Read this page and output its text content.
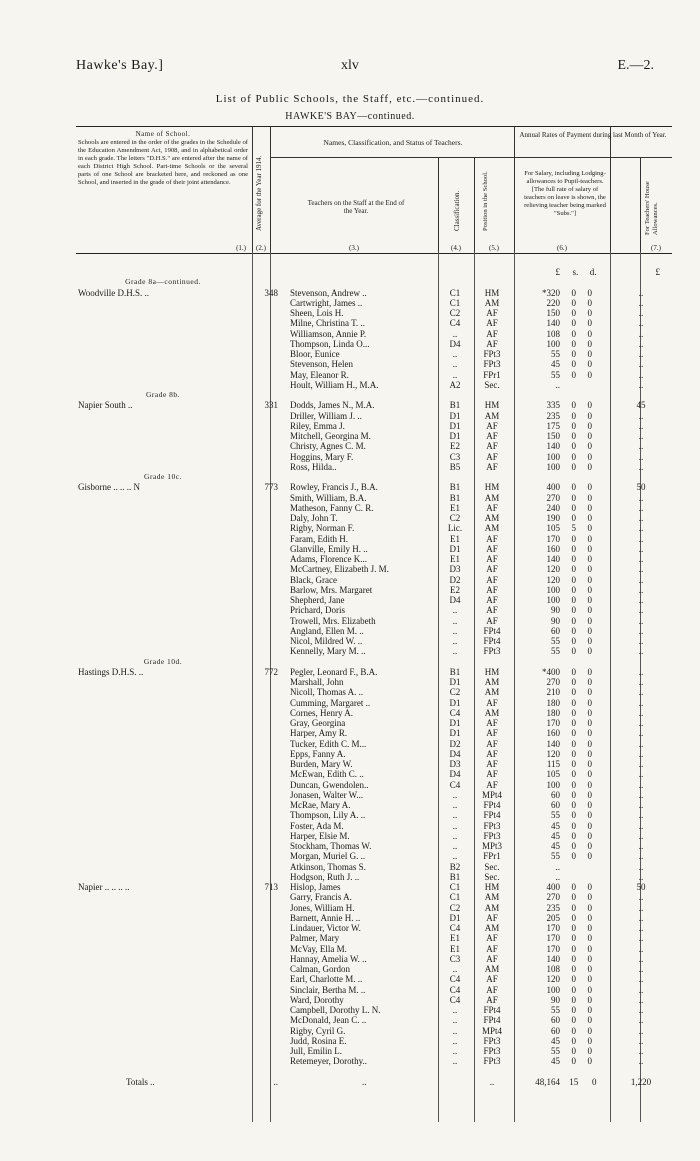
Hawke's Bay.]	xlv	E.—2.
List of Public Schools, the Staff, etc.—continued.
HAWKE'S BAY—continued.
Name of School.
Schools are entered in the order of the grades in the Schedule of the Education Amendment Act, 1908, and in alphabetical order in each grade. The letters "D.H.S." are entered after the name of each District High School. Part-time Schools or the several parts of one School are bracketed here, and reckoned as one School, and inserted in the grade of their joint attendance.	Average for the Year 1914.
Names, Classification, and Status of Teachers.
Teachers on the Staff at the End of the Year.	Classification.	Position in the School.
Annual Rates of Payment during last Month of Year.
For Salary, including Lodging-allowances to Pupil-teachers. [The full rate of salary of teachers on leave is shown, the relieving teacher being marked "Subs."]	For Teachers' House Allowances.
(1.)	(2.)	(3.)	(4.)	(5.)	(6.)	(7.)
£ s. d.	£
Grade 8a—continued.
Woodville D.H.S. ..	348 Stevenson, Andrew ..	C1	HM	*320 0 0	..
Cartwright, James ..	C1	AM	220 0 0	..
Sheen, Lois H.	C2	AF	150 0 0	..
Milne, Christina T. ..	C4	AF	140 0 0	..
Williamson, Annie P.	..	AF	108 0 0	..
Thompson, Linda O...	D4	AF	100 0 0	..
Bloor, Eunice	..	FPt3	55 0 0	..
Stevenson, Helen	..	FPt3	45 0 0	..
May, Eleanor R.	..	FPr1	55 0 0	..
Hoult, William H., M.A.	A2	Sec.	..	..
Grade 8b.
Napier South ..	331 Dodds, James N., M.A.	B1	HM	335 0 0	45
Driller, William J. ..	D1	AM	235 0 0	..
Riley, Emma J.	D1	AF	175 0 0	..
Mitchell, Georgina M.	D1	AF	150 0 0	..
Christy, Agnes C. M.	E2	AF	140 0 0	..
Hoggins, Mary F.	C3	AF	100 0 0	..
Ross, Hilda..	B5	AF	100 0 0	..
Grade 10c.
Gisborne .. .. .. N	773 Rowley, Francis J., B.A.	B1	HM	400 0 0	50
Smith, William, B.A.	B1	AM	270 0 0	..
Matheson, Fanny C. R.	E1	AF	240 0 0	..
Daly, John T.	C2	AM	190 0 0	..
Rigby, Norman F.	Lic.	AM	105 5 0	..
Faram, Edith H.	E1	AF	170 0 0	..
Glanville, Emily H. ..	D1	AF	160 0 0	..
Adams, Florence K...	E1	AF	140 0 0	..
McCartney, Elizabeth J. M.	D3	AF	120 0 0	..
Black, Grace	D2	AF	120 0 0	..
Barlow, Mrs. Margaret	E2	AF	100 0 0	..
Shepherd, Jane	D4	AF	100 0 0	..
Prichard, Doris	..	AF	90 0 0	..
Trowell, Mrs. Elizabeth	..	AF	90 0 0	..
Angland, Ellen M. ..	..	FPt4	60 0 0	..
Nicol, Mildred W. ..	..	FPt4	55 0 0	..
Kennelly, Mary M. ..	..	FPt3	55 0 0	..
Grade 10d.
Hastings D.H.S. ..	772 Pegler, Leonard F., B.A.	B1	HM	*400 0 0	..
Marshall, John	D1	AM	270 0 0	..
Nicoll, Thomas A. ..	C2	AM	210 0 0	..
Cumming, Margaret ..	D1	AF	180 0 0	..
Cornes, Henry A.	C4	AM	180 0 0	..
Gray, Georgina	D1	AF	170 0 0	..
Harper, Amy R.	D1	AF	160 0 0	..
Tucker, Edith C. M...	D2	AF	140 0 0	..
Epps, Fanny A.	D4	AF	120 0 0	..
Burden, Mary W.	D3	AF	115 0 0	..
McEwan, Edith C. ..	D4	AF	105 0 0	..
Duncan, Gwendolen..	C4	AF	100 0 0	..
Jonasen, Walter W...	..	MPt4	60 0 0	..
McRae, Mary A.	..	FPt4	60 0 0	..
Thompson, Lily A. ..	..	FPt4	55 0 0	..
Foster, Ada M.	..	FPt3	45 0 0	..
Harper, Elsie M.	..	FPt3	45 0 0	..
Stockham, Thomas W.	..	MPt3	45 0 0	..
Morgan, Muriel G. ..	..	FPr1	55 0 0	..
Atkinson, Thomas S.	B2	Sec.	..	..
Hodgson, Ruth J. ..	B1	Sec.	..	..
Napier .. .. .. ..	713 Hislop, James	C1	HM	400 0 0	50
Garry, Francis A.	C1	AM	270 0 0	..
Jones, William H.	C2	AM	235 0 0	..
Barnett, Annie H. ..	D1	AF	205 0 0	..
Lindauer, Victor W.	C4	AM	170 0 0	..
Palmer, Mary	E1	AF	170 0 0	..
McVay, Ella M.	E1	AF	170 0 0	..
Hannay, Amelia W. ..	C3	AF	140 0 0	..
Calman, Gordon	..	AM	108 0 0	..
Earl, Charlotte M. ..	C4	AF	120 0 0	..
Sinclair, Bertha M. ..	C4	AF	100 0 0	..
Ward, Dorothy	C4	AF	90 0 0	..
Campbell, Dorothy L. N.	..	FPt4	55 0 0	..
McDonald, Jean C. ..	..	FPt4	60 0 0	..
Rigby, Cyril G.	..	MPt4	60 0 0	..
Judd, Rosina E.	..	FPt3	45 0 0	..
Jull, Emilin L.	..	FPt3	55 0 0	..
Retemeyer, Dorothy..	..	FPt3	45 0 0	..
Totals ..	..	..	..	48,164 15 0	1,220
